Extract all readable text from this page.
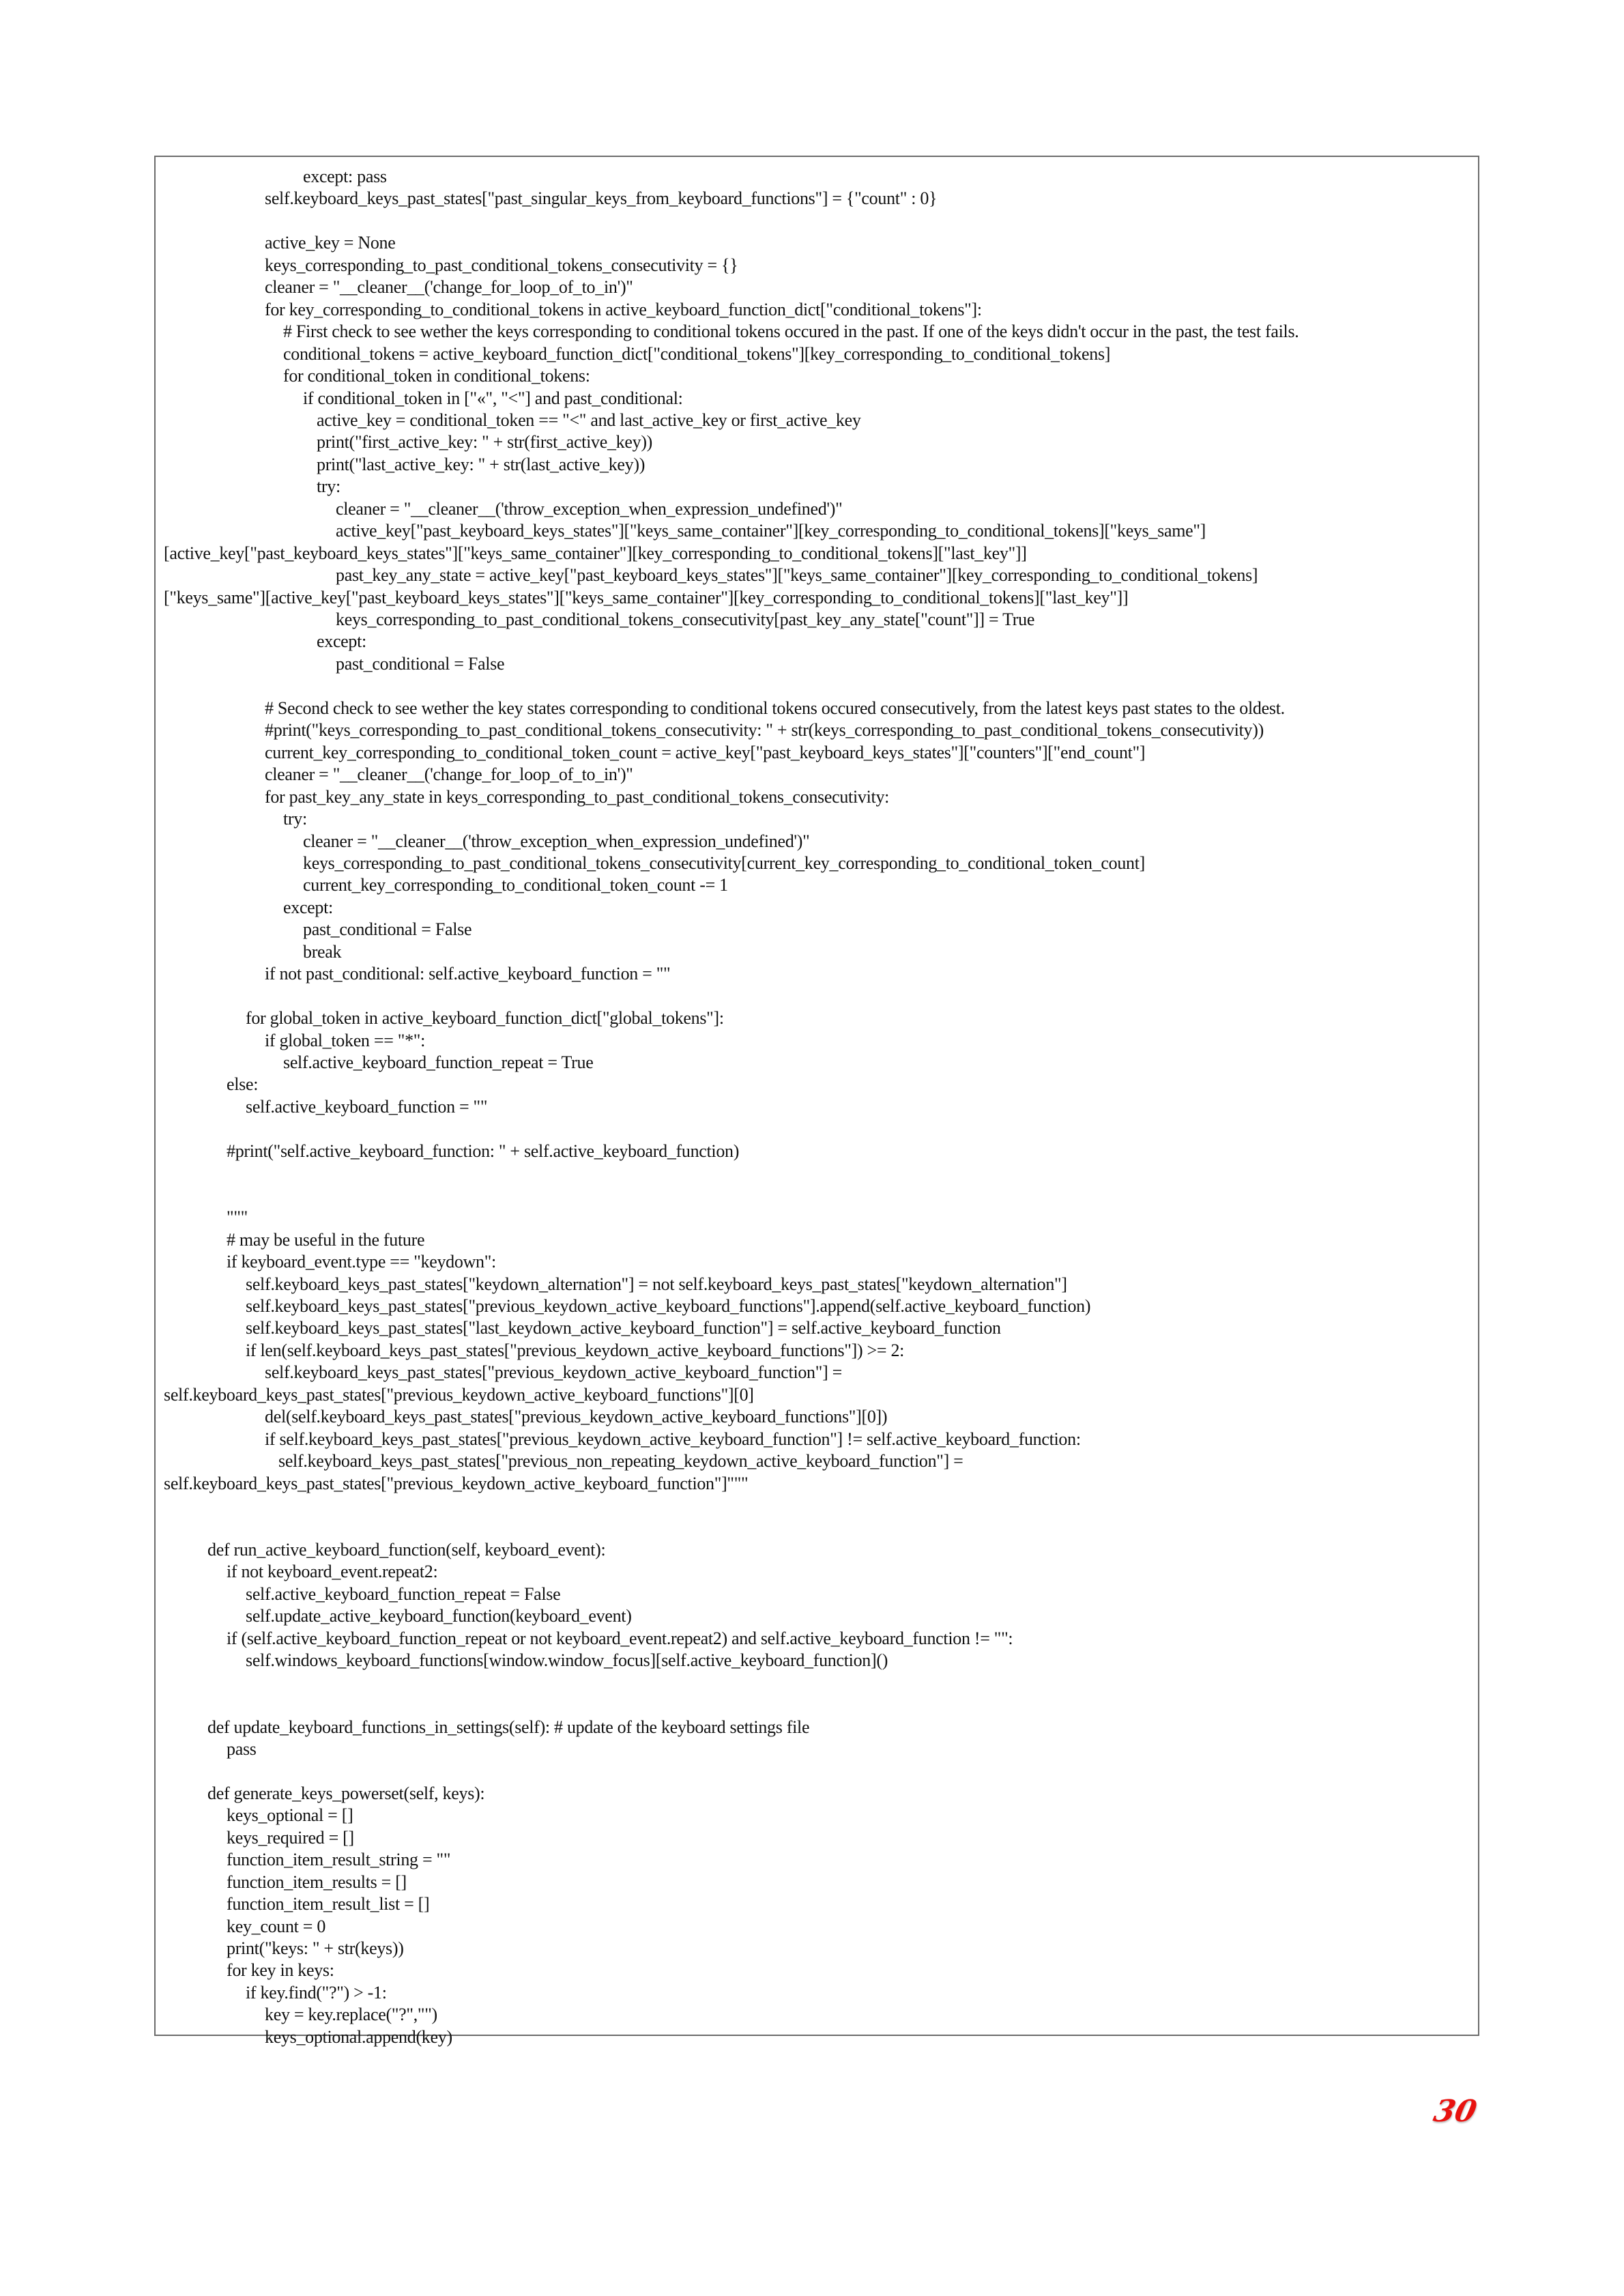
except: pass
self.keyboard_keys_past_states["past_singular_keys_from_keyboard_functions"] = {"count" : 0}
active_key = None
keys_corresponding_to_past_conditional_tokens_consecutivity = {}
cleaner = "__cleaner__('change_for_loop_of_to_in')"
for key_corresponding_to_conditional_tokens in active_keyboard_function_dict["conditional_tokens"]:
# First check to see wether the keys corresponding to conditional tokens occured in the past. If one of the keys didn't occur in the past, the test fails.
conditional_tokens = active_keyboard_function_dict["conditional_tokens"][key_corresponding_to_conditional_tokens]
for conditional_token in conditional_tokens:
if conditional_token in ["«", "<"] and past_conditional:
active_key = conditional_token == "<" and last_active_key or first_active_key
print("first_active_key: " + str(first_active_key))
print("last_active_key: " + str(last_active_key))
try:
cleaner = "__cleaner__('throw_exception_when_expression_undefined')"
active_key["past_keyboard_keys_states"]["keys_same_container"][key_corresponding_to_conditional_tokens]["keys_same"]
[active_key["past_keyboard_keys_states"]["keys_same_container"][key_corresponding_to_conditional_tokens]["last_key"]]
past_key_any_state = active_key["past_keyboard_keys_states"]["keys_same_container"][key_corresponding_to_conditional_tokens]
["keys_same"][active_key["past_keyboard_keys_states"]["keys_same_container"][key_corresponding_to_conditional_tokens]["last_key"]]
keys_corresponding_to_past_conditional_tokens_consecutivity[past_key_any_state["count"]] = True
except:
past_conditional = False
# Second check to see wether the key states corresponding to conditional tokens occured consecutively, from the latest keys past states to the oldest.
#print("keys_corresponding_to_past_conditional_tokens_consecutivity: " + str(keys_corresponding_to_past_conditional_tokens_consecutivity))
current_key_corresponding_to_conditional_token_count = active_key["past_keyboard_keys_states"]["counters"]["end_count"]
cleaner = "__cleaner__('change_for_loop_of_to_in')"
for past_key_any_state in keys_corresponding_to_past_conditional_tokens_consecutivity:
try:
cleaner = "__cleaner__('throw_exception_when_expression_undefined')"
keys_corresponding_to_past_conditional_tokens_consecutivity[current_key_corresponding_to_conditional_token_count]
current_key_corresponding_to_conditional_token_count -= 1
except:
past_conditional = False
break
if not past_conditional: self.active_keyboard_function = ""
for global_token in active_keyboard_function_dict["global_tokens"]:
if global_token == "*":
self.active_keyboard_function_repeat = True
else:
self.active_keyboard_function = ""
#print("self.active_keyboard_function: " + self.active_keyboard_function)
"""
# may be useful in the future
if keyboard_event.type == "keydown":
self.keyboard_keys_past_states["keydown_alternation"] = not self.keyboard_keys_past_states["keydown_alternation"]
self.keyboard_keys_past_states["previous_keydown_active_keyboard_functions"].append(self.active_keyboard_function)
self.keyboard_keys_past_states["last_keydown_active_keyboard_function"] = self.active_keyboard_function
if len(self.keyboard_keys_past_states["previous_keydown_active_keyboard_functions"]) >= 2:
self.keyboard_keys_past_states["previous_keydown_active_keyboard_function"] =
self.keyboard_keys_past_states["previous_keydown_active_keyboard_functions"][0]
del(self.keyboard_keys_past_states["previous_keydown_active_keyboard_functions"][0])
if self.keyboard_keys_past_states["previous_keydown_active_keyboard_function"] != self.active_keyboard_function:
self.keyboard_keys_past_states["previous_non_repeating_keydown_active_keyboard_function"] =
self.keyboard_keys_past_states["previous_keydown_active_keyboard_function"]"""
def run_active_keyboard_function(self, keyboard_event):
if not keyboard_event.repeat2:
self.active_keyboard_function_repeat = False
self.update_active_keyboard_function(keyboard_event)
if (self.active_keyboard_function_repeat or not keyboard_event.repeat2) and self.active_keyboard_function != "":
self.windows_keyboard_functions[window.window_focus][self.active_keyboard_function]()
def update_keyboard_functions_in_settings(self): # update of the keyboard settings file
pass
def generate_keys_powerset(self, keys):
keys_optional = []
keys_required = []
function_item_result_string = ""
function_item_results = []
function_item_result_list = []
key_count = 0
print("keys: " + str(keys))
for key in keys:
if key.find("?") > -1:
key = key.replace("?","")
keys_optional.append(key)
30
